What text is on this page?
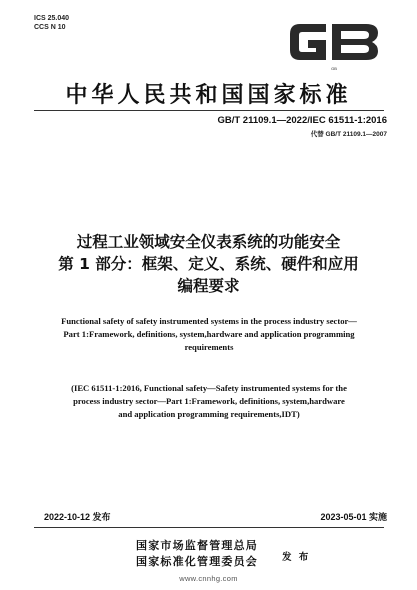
ICS 25.040
CCS N 10
GB
中华人民共和国国家标准
GB/T 21109.1—2022/IEC 61511-1:2016
代替 GB/T 21109.1—2007
过程工业领域安全仪表系统的功能安全
第 1 部分：框架、定义、系统、硬件和应用
编程要求
Functional safety of safety instrumented systems in the process industry sector—
Part 1:Framework, definitions, system,hardware and application programming
requirements
(IEC 61511-1:2016, Functional safety—Safety instrumented systems for the
process industry sector—Part 1:Framework, definitions, system,hardware
and application programming requirements,IDT)
2022-10-12 发布	2023-05-01 实施
国家市场监督管理总局
国家标准化管理委员会	发 布
www.cnnhg.com
